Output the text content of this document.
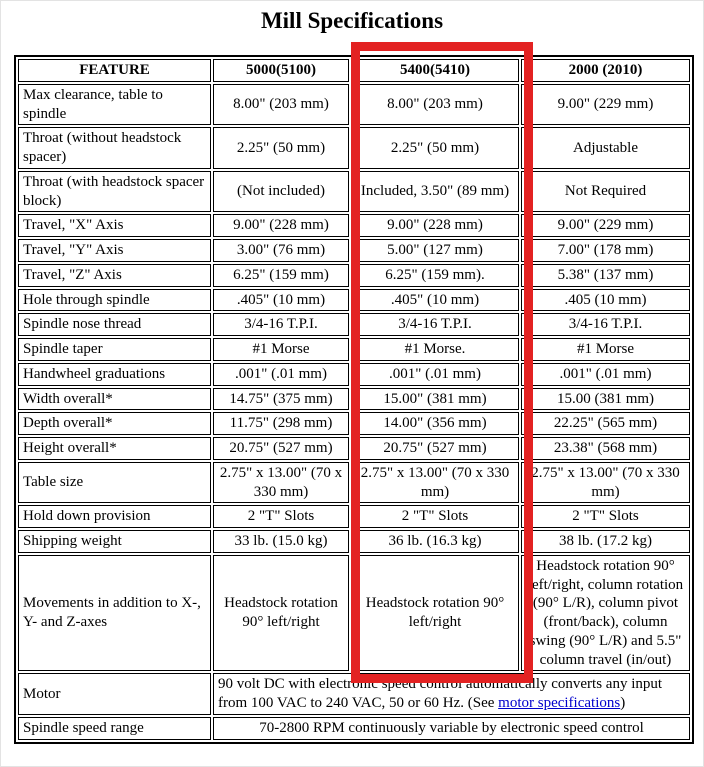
Mill Specifications
FEATURE	5000(5100)	5400(5410)	2000 (2010)
Max clearance, table to spindle	8.00" (203 mm)	8.00" (203 mm)	9.00" (229 mm)
Throat (without headstock spacer)	2.25" (50 mm)	2.25" (50 mm)	Adjustable
Throat (with headstock spacer block)	(Not included)	Included, 3.50" (89 mm)	Not Required
Travel, "X" Axis	9.00" (228 mm)	9.00" (228 mm)	9.00" (229 mm)
Travel, "Y" Axis	3.00" (76 mm)	5.00" (127 mm)	7.00" (178 mm)
Travel, "Z" Axis	6.25" (159 mm)	6.25" (159 mm).	5.38" (137 mm)
Hole through spindle	.405" (10 mm)	.405" (10 mm)	.405 (10 mm)
Spindle nose thread	3/4-16 T.P.I.	3/4-16 T.P.I.	3/4-16 T.P.I.
Spindle taper	#1 Morse	#1 Morse.	#1 Morse
Handwheel graduations	.001" (.01 mm)	.001" (.01 mm)	.001" (.01 mm)
Width overall*	14.75" (375 mm)	15.00" (381 mm)	15.00 (381 mm)
Depth overall*	11.75" (298 mm)	14.00" (356 mm)	22.25" (565 mm)
Height overall*	20.75" (527 mm)	20.75" (527 mm)	23.38" (568 mm)
Table size	2.75" x 13.00" (70 x 330 mm)	2.75" x 13.00" (70 x 330 mm)	2.75" x 13.00" (70 x 330 mm)
Hold down provision	2 "T" Slots	2 "T" Slots	2 "T" Slots
Shipping weight	33 lb. (15.0 kg)	36 lb. (16.3 kg)	38 lb. (17.2 kg)
Movements in addition to X-, Y- and Z-axes	Headstock rotation 90° left/right	Headstock rotation 90° left/right	Headstock rotation 90° left/right, column rotation (90° L/R), column pivot (front/back), column swing (90° L/R) and 5.5" column travel (in/out)
Motor	90 volt DC with electronic speed control automatically converts any input from 100 VAC to 240 VAC, 50 or 60 Hz. (See motor specifications)		
Spindle speed range	70-2800 RPM continuously variable by electronic speed control		
